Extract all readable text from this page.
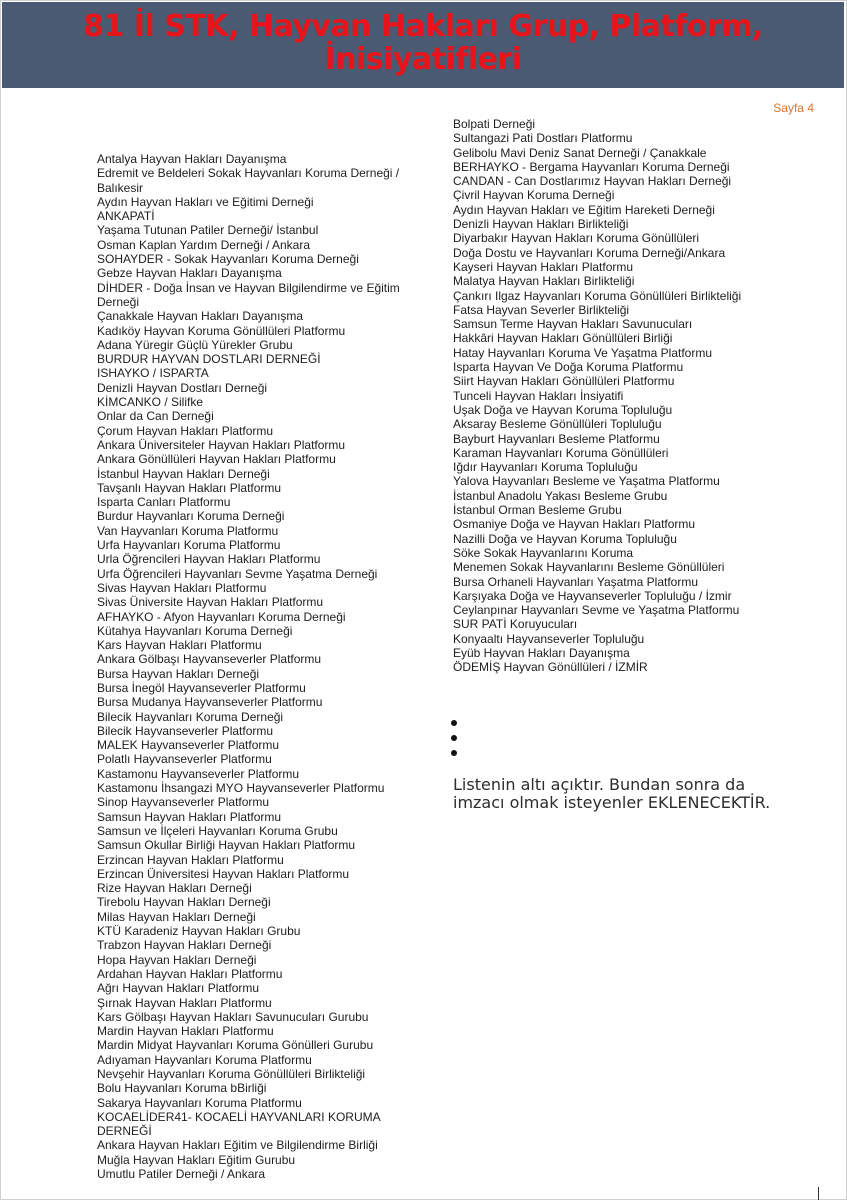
81 İl STK, Hayvan Hakları Grup, Platform, İnisiyatifleri
Sayfa 4
Antalya Hayvan Hakları Dayanışma
Edremit ve Beldeleri Sokak Hayvanları Koruma Derneği /
Balıkesir
Aydın Hayvan Hakları ve Eğitimi Derneği
ANKAPATİ
Yaşama Tutunan Patiler Derneği/ İstanbul
Osman Kaplan Yardım Derneği / Ankara
SOHAYDER - Sokak Hayvanları Koruma Derneği
Gebze Hayvan Hakları Dayanışma
DİHDER - Doğa İnsan ve Hayvan Bilgilendirme ve Eğitim
Derneği
Çanakkale Hayvan Hakları Dayanışma
Kadıköy Hayvan Koruma Gönüllüleri Platformu
Adana Yüregir Güçlü Yürekler Grubu
BURDUR HAYVAN DOSTLARI DERNEĞİ
ISHAYKO / ISPARTA
Denizli Hayvan Dostları Derneği
KİMCANKO / Silifke
Onlar da Can Derneği
Çorum Hayvan Hakları Platformu
Ankara Üniversiteler Hayvan Hakları Platformu
Ankara Gönüllüleri Hayvan Hakları Platformu
İstanbul Hayvan Hakları Derneği
Tavşanlı Hayvan Hakları Platformu
Isparta Canları Platformu
Burdur Hayvanları Koruma Derneği
Van Hayvanları Koruma Platformu
Urfa Hayvanları Koruma Platformu
Urla Öğrencileri Hayvan Hakları Platformu
Urfa Öğrencileri Hayvanları Sevme Yaşatma Derneği
Sivas Hayvan Hakları Platformu
Sivas Üniversite Hayvan Hakları Platformu
AFHAYKO - Afyon Hayvanları Koruma Derneği
Kütahya Hayvanları Koruma Derneği
Kars Hayvan Hakları Platformu
Ankara Gölbaşı Hayvanseverler Platformu
Bursa Hayvan Hakları Derneği
Bursa İnegöl Hayvanseverler Platformu
Bursa Mudanya Hayvanseverler Platformu
Bilecik Hayvanları Koruma Derneği
Bilecik Hayvanseverler Platformu
MALEK Hayvanseverler Platformu
Polatlı Hayvanseverler Platformu
Kastamonu Hayvanseverler Platformu
Kastamonu İhsangazi MYO Hayvanseverler Platformu
Sinop Hayvanseverler Platformu
Samsun Hayvan Hakları Platformu
Samsun ve İlçeleri Hayvanları Koruma Grubu
Samsun Okullar Birliği Hayvan Hakları Platformu
Erzincan Hayvan Hakları Platformu
Erzincan Üniversitesi Hayvan Hakları Platformu
Rize Hayvan Hakları Derneği
Tirebolu Hayvan Hakları Derneği
Milas Hayvan Hakları Derneği
KTÜ Karadeniz Hayvan Hakları Grubu
Trabzon Hayvan Hakları Derneği
Hopa Hayvan Hakları Derneği
Ardahan Hayvan Hakları Platformu
Ağrı Hayvan Hakları Platformu
Şırnak Hayvan Hakları Platformu
Kars Gölbaşı Hayvan Hakları Savunucuları Gurubu
Mardin Hayvan Hakları Platformu
Mardin Midyat Hayvanları Koruma Gönülleri Gurubu
Adıyaman Hayvanları Koruma Platformu
Nevşehir Hayvanları Koruma Gönüllüleri Birlikteliği
Bolu Hayvanları Koruma bBirliği
Sakarya Hayvanları Koruma Platformu
KOCAELİDER41- KOCAELİ HAYVANLARI KORUMA
DERNEĞİ
Ankara Hayvan Hakları Eğitim ve Bilgilendirme Birliği
Muğla Hayvan Hakları Eğitim Gurubu
Umutlu Patiler Derneği / Ankara
Bolpati Derneği
Sultangazi Pati Dostları Platformu
Gelibolu Mavi Deniz Sanat Derneği / Çanakkale
BERHAYKO - Bergama Hayvanları Koruma Derneği
CANDAN - Can Dostlarımız Hayvan Hakları Derneği
Çivril Hayvan Koruma Derneği
Aydın Hayvan Hakları ve Eğitim Hareketi Derneği
Denizli Hayvan Hakları Birlikteliği
Diyarbakır Hayvan Hakları Koruma Gönüllüleri
Doğa Dostu ve Hayvanları Koruma Derneği/Ankara
Kayseri Hayvan Hakları Platformu
Malatya Hayvan Hakları Birlikteliği
Çankırı Ilgaz Hayvanları Koruma Gönüllüleri Birlikteliği
Fatsa Hayvan Severler Birlikteliği
Samsun Terme Hayvan Hakları Savunucuları
Hakkâri Hayvan Hakları Gönüllüleri Birliği
Hatay Hayvanları Koruma Ve Yaşatma Platformu
Isparta Hayvan Ve Doğa Koruma Platformu
Siirt Hayvan Hakları Gönüllüleri Platformu
Tunceli Hayvan Hakları İnsiyatifi
Uşak Doğa ve Hayvan Koruma Topluluğu
Aksaray Besleme Gönüllüleri Topluluğu
Bayburt Hayvanları Besleme Platformu
Karaman Hayvanları Koruma Gönüllüleri
Iğdır Hayvanları Koruma Topluluğu
Yalova Hayvanları Besleme ve Yaşatma Platformu
İstanbul Anadolu Yakası Besleme Grubu
İstanbul Orman Besleme Grubu
Osmaniye Doğa ve Hayvan Hakları Platformu
Nazilli Doğa ve Hayvan Koruma Topluluğu
Söke Sokak Hayvanlarını Koruma
Menemen Sokak Hayvanlarını Besleme Gönüllüleri
Bursa Orhaneli Hayvanları Yaşatma Platformu
Karşıyaka Doğa ve Hayvanseverler Topluluğu / İzmir
Ceylanpınar Hayvanları Sevme ve Yaşatma Platformu
SUR PATİ Koruyucuları
Konyaaltı Hayvanseverler Topluluğu
Eyüb Hayvan Hakları Dayanışma
ÖDEMİŞ Hayvan Gönüllüleri / İZMİR
Listenin altı açıktır. Bundan sonra da imzacı olmak isteyenler EKLENECEKTİR.
